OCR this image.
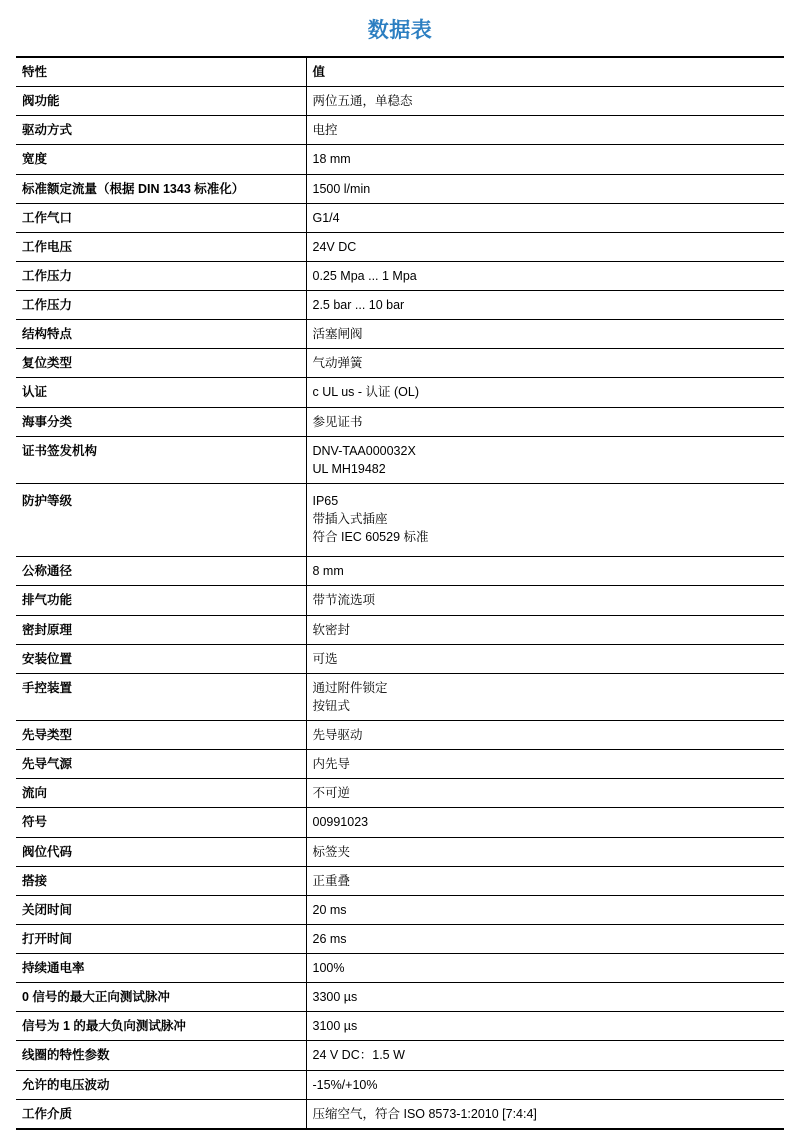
数据表
特性	值
阀功能	两位五通，单稳态

驱动方式	电控

宽度	18 mm

标准额定流量（根据 DIN 1343 标准化）	1500 l/min

工作气口	G1/4

工作电压	24V DC

工作压力	0.25 Mpa ... 1 Mpa

工作压力	2.5 bar ... 10 bar

结构特点	活塞闸阀

复位类型	气动弹簧

认证	c UL us - 认证 (OL)

海事分类	参见证书

证书签发机构	DNV-TAA000032X
UL MH19482

防护等级	IP65
带插入式插座
符合 IEC 60529 标准

公称通径	8 mm

排气功能	带节流选项

密封原理	软密封

安装位置	可选

手控装置	通过附件锁定
按钮式

先导类型	先导驱动

先导气源	内先导

流向	不可逆

符号	00991023

阀位代码	标签夹

搭接	正重叠

关闭时间	20 ms

打开时间	26 ms

持续通电率	100%

0 信号的最大正向测试脉冲	3300 µs

信号为 1 的最大负向测试脉冲	3100 µs

线圈的特性参数	24 V DC：1.5 W

允许的电压波动	-15%/+10%

工作介质	压缩空气，符合 ISO 8573-1:2010 [7:4:4]
